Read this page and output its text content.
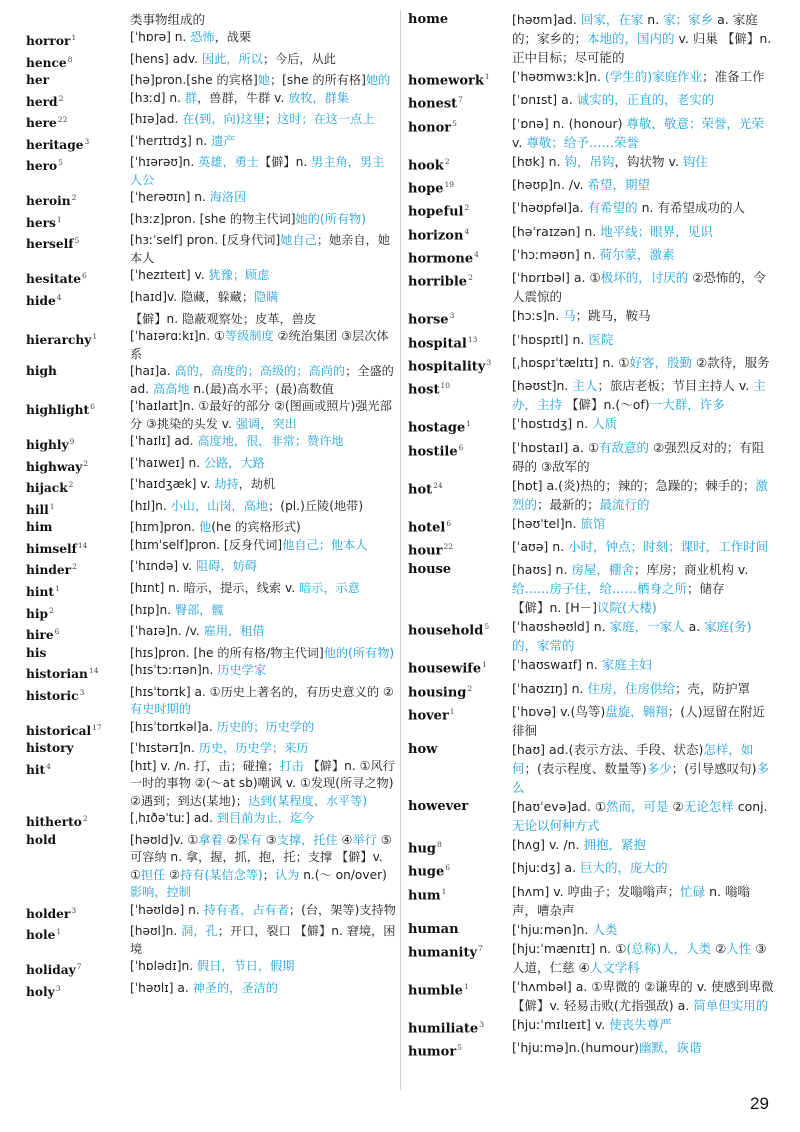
类事物组成的
horror$^1$	[ˈhɒrə] n. 恐怖，战栗
hence$^8$	[hens] adv. 因此，所以；今后，从此
her	[hə]pron.[she 的宾格]她；[she 的所有格]她的
herd$^2$	[hɜːd] n. 群，兽群，牛群 v. 放牧，群集
here$^{22}$	[hɪə]ad. 在(到，向)这里；这时；在这一点上
heritage$^3$	[ˈherɪtɪdʒ] n. 遗产
hero$^5$	[ˈhɪərəʊ]n. 英雄，勇士【僻】n. 男主角，男主人公
heroin$^2$	[ˈherəʊɪn] n. 海洛因
hers$^1$	[hɜːz]pron. [she 的物主代词]她的(所有物)
herself$^5$	[hɜːˈself] pron. [反身代词]她自己；她亲自，她本人
hesitate$^6$	[ˈhezɪteɪt] v. 犹豫；顾虑
hide$^4$	[haɪd]v. 隐藏，躲藏；隐瞒
【僻】n. 隐蔽观察处；皮革，兽皮
hierarchy$^1$	[ˈhaɪərɑːkɪ]n. ①等级制度 ②统治集团 ③层次体系
high	[haɪ]a. 高的，高度的；高级的；高尚的；全盛的 ad. 高高地 n.(最)高水平；(最)高数值
highlight$^6$	[ˈhaɪlaɪt]n. ①最好的部分 ②(图画或照片)强光部分 ③挑染的头发 v. 强调，突出
highly$^9$	[ˈhaɪlɪ] ad. 高度地，很，非常；赞许地
highway$^2$	[ˈhaɪweɪ] n. 公路，大路
hijack$^2$	[ˈhaɪdʒæk] v. 劫持，劫机
hill$^1$	[hɪl]n. 小山，山岗，高地；(pl.)丘陵(地带)
him	[hɪm]pron. 他(he 的宾格形式)
himself$^{14}$	[hɪmˈself]pron. [反身代词]他自己；他本人
hinder$^2$	[ˈhɪndə] v. 阻碍，妨碍
hint$^1$	[hɪnt] n. 暗示，提示，线索 v. 暗示，示意
hip$^2$	[hɪp]n. 臀部，髋
hire$^6$	[ˈhaɪə]n. /v. 雇用，租借
his	[hɪs]pron. [he 的所有格/物主代词]他的(所有物)
historian$^{14}$	[hɪsˈtɔːrɪən]n. 历史学家
historic$^3$	[hɪsˈtɒrɪk] a. ①历史上著名的，有历史意义的 ②有史时期的
historical$^{17}$	[hɪsˈtɒrɪkəl]a. 历史的；历史学的
history	[ˈhɪstərɪ]n. 历史，历史学；来历
hit$^4$	[hɪt] v. /n. 打，击；碰撞；打击 【僻】n. ①风行一时的事物 ②(～at sb)嘲讽 v. ①发现(所寻之物) ②遇到；到达(某地)；达到(某程度、水平等)
hitherto$^2$	[ˌhɪðəˈtuː] ad. 到目前为止，迄今
hold	[həʊld]v. ①拿着 ②保有 ③支撑，托住 ④举行 ⑤可容纳 n. 拿，握，抓，抱，托；支撑 【僻】v. ①担任 ②持有(某信念等)；认为 n.(～ on/over)影响，控制
holder$^3$	[ˈhəʊldə] n. 持有者，占有者；(台，架等)支持物
hole$^1$	[həʊl]n. 洞，孔；开口，裂口 【僻】n. 窘境，困境
holiday$^7$	[ˈhɒlədɪ]n. 假日，节日，假期
holy$^3$	[ˈhəʊlɪ] a. 神圣的，圣洁的
home	[həʊm]ad. 回家，在家 n. 家；家乡 a. 家庭的；家乡的；本地的，国内的 v. 归巢 【僻】n. 正中目标；尽可能的
homework$^1$	[ˈhəʊmwɜːk]n. (学生的)家庭作业；准备工作
honest$^7$	[ˈɒnɪst] a. 诚实的，正直的，老实的
honor$^5$	[ˈɒnə] n. (honour) 尊敬，敬意；荣誉，光荣 v. 尊敬；给予……荣誉
hook$^2$	[hʊk] n. 钩，吊钩，钩状物 v. 钩住
hope$^{19}$	[həʊp]n. /v. 希望，期望
hopeful$^2$	[ˈhəʊpfəl]a. 有希望的 n. 有希望成功的人
horizon$^4$	[həˈraɪzən] n. 地平线；眼界，见识
hormone$^4$	[ˈhɔːməʊn] n. 荷尔蒙，激素
horrible$^2$	[ˈhɒrɪbəl] a. ①极坏的，讨厌的 ②恐怖的，令人震惊的
horse$^3$	[hɔːs]n. 马；跳马，鞍马
hospital$^{13}$	[ˈhɒspɪtl] n. 医院
hospitality$^3$	[ˌhɒspɪˈtælɪtɪ] n. ①好客，殷勤 ②款待，服务
host$^{10}$	[həʊst]n. 主人；旅店老板；节目主持人 v. 主办，主持 【僻】n.(～of)一大群，许多
hostage$^1$	[ˈhɒstɪdʒ] n. 人质
hostile$^6$	[ˈhɒstaɪl] a. ①有敌意的 ②强烈反对的；有阻碍的 ③敌军的
hot$^{24}$	[hɒt] a.(炎)热的；辣的；急躁的；棘手的；激烈的；最新的；最流行的
hotel$^6$	[həʊˈtel]n. 旅馆
hour$^{22}$	[ˈaʊə] n. 小时，钟点；时刻；课时，工作时间
house	[haʊs] n. 房屋，棚舍；库房；商业机构 v. 给……房子住，给……栖身之所；储存
【僻】n. [H－]议院(大楼)
household$^5$	[ˈhaʊshəʊld] n. 家庭，一家人 a. 家庭(务)的，家常的
housewife$^1$	[ˈhaʊswaɪf] n. 家庭主妇
housing$^2$	[ˈhaʊzɪŋ] n. 住房，住房供给；壳，防护罩
hover$^1$	[ˈhɒvə] v.(鸟等)盘旋，翱翔；(人)逗留在附近徘徊
how	[haʊ] ad.(表示方法、手段、状态)怎样，如何；(表示程度、数量等)多少；(引导感叹句)多么
however	[haʊˈevə]ad. ①然而，可是 ②无论怎样 conj. 无论以何种方式
hug$^8$	[hʌg] v. /n. 拥抱，紧抱
huge$^6$	[hjuːdʒ] a. 巨大的，庞大的
hum$^1$	[hʌm] v. 哼曲子；发嗡嗡声；忙碌 n. 嗡嗡声，嘈杂声
human	[ˈhjuːmən]n. 人类
humanity$^7$	[hjuːˈmænɪtɪ] n. ①(总称)人，人类 ②人性 ③人道，仁慈 ④人文学科
humble$^1$	[ˈhʌmbəl] a. ①卑微的 ②谦卑的 v. 使感到卑微 【僻】v. 轻易击败(尤指强敌) a. 简单但实用的
humiliate$^3$	[hjuːˈmɪlɪeɪt] v. 使丧失尊严
humor$^5$	[ˈhjuːmə]n.(humour)幽默，诙谐
29
